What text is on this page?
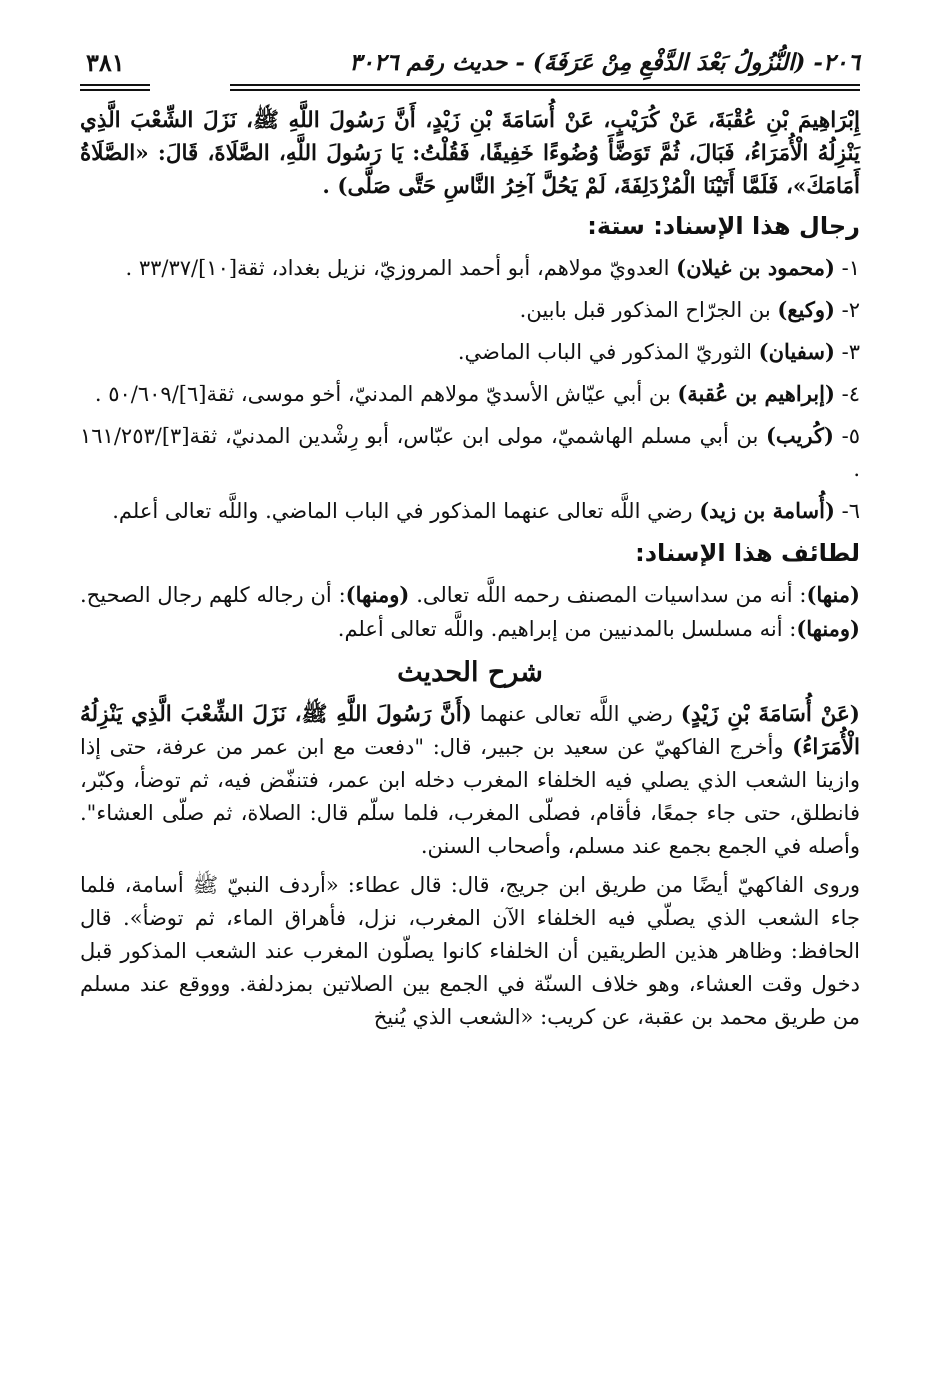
٢٠٦- (النُّزُولُ بَعْدَ الدَّفْعِ مِنْ عَرَفَةَ) - حديث رقم ٣٠٢٦
٣٨١

إِبْرَاهِيمَ بْنِ عُقْبَةَ، عَنْ كُرَيْبٍ، عَنْ أُسَامَةَ بْنِ زَيْدٍ، أَنَّ رَسُولَ اللَّهِ ﷺ، نَزَلَ الشِّعْبَ الَّذِي يَنْزِلُهُ الْأُمَرَاءُ، فَبَالَ، ثُمَّ تَوَضَّأَ وُضُوءًا خَفِيفًا، فَقُلْتُ: يَا رَسُولَ اللَّهِ، الصَّلَاةَ، قَالَ: «الصَّلَاةُ أَمَامَكَ»، فَلَمَّا أَتَيْنَا الْمُزْدَلِفَةَ، لَمْ يَحُلَّ آخِرُ النَّاسِ حَتَّى صَلَّى) .

رجال هذا الإسناد: ستة:

١- (محمود بن غيلان) العدويّ مولاهم، أبو أحمد المروزيّ، نزيل بغداد، ثقة[١٠]/٣٣/٣٧ .

٢- (وكيع) بن الجرّاح المذكور قبل بابين.

٣- (سفيان) الثوريّ المذكور في الباب الماضي.

٤- (إبراهيم بن عُقبة) بن أبي عيّاش الأسديّ مولاهم المدنيّ، أخو موسى، ثقة[٦]/٥٠/٦٠٩ .

٥- (كُريب) بن أبي مسلم الهاشميّ، مولى ابن عبّاس، أبو رِشْدين المدنيّ، ثقة[٣]/١٦١/٢٥٣ .

٦- (أُسامة بن زيد) رضي اللَّه تعالى عنهما المذكور في الباب الماضي. واللَّه تعالى أعلم.

لطائف هذا الإسناد:

(منها): أنه من سداسيات المصنف رحمه اللَّه تعالى. (ومنها): أن رجاله كلهم رجال الصحيح. (ومنها): أنه مسلسل بالمدنيين من إبراهيم. واللَّه تعالى أعلم.

شرح الحديث

(عَنْ أُسَامَةَ بْنِ زَيْدٍ) رضي اللَّه تعالى عنهما (أَنَّ رَسُولَ اللَّهِ ﷺ، نَزَلَ الشِّعْبَ الَّذِي يَنْزِلُهُ الْأُمَرَاءُ) وأخرج الفاكهيّ عن سعيد بن جبير، قال: "دفعت مع ابن عمر من عرفة، حتى إذا وازينا الشعب الذي يصلي فيه الخلفاء المغرب دخله ابن عمر، فتنفّض فيه، ثم توضأ، وكبّر، فانطلق، حتى جاء جمعًا، فأقام، فصلّى المغرب، فلما سلّم قال: الصلاة، ثم صلّى العشاء". وأصله في الجمع بجمع عند مسلم، وأصحاب السنن.

وروى الفاكهيّ أيضًا من طريق ابن جريج، قال: قال عطاء: «أردف النبيّ ﷺ أسامة، فلما جاء الشعب الذي يصلّي فيه الخلفاء الآن المغرب، نزل، فأهراق الماء، ثم توضأ». قال الحافظ: وظاهر هذين الطريقين أن الخلفاء كانوا يصلّون المغرب عند الشعب المذكور قبل دخول وقت العشاء، وهو خلاف السنّة في الجمع بين الصلاتين بمزدلفة. وووقع عند مسلم من طريق محمد بن عقبة، عن كريب: «الشعب الذي يُنيخ
